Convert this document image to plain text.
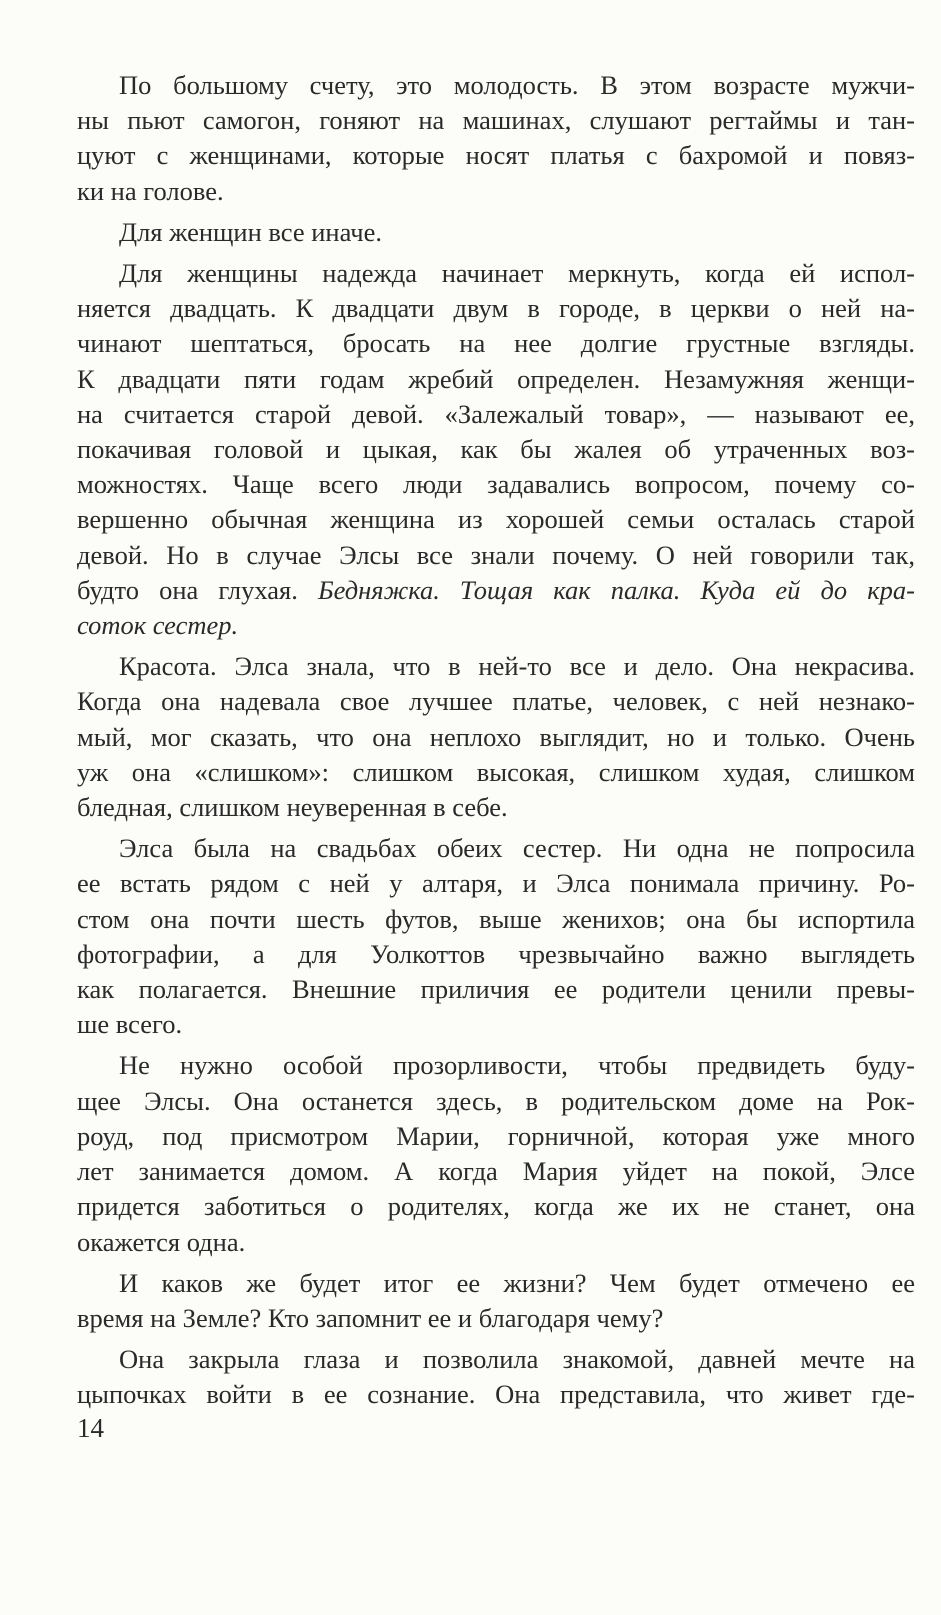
По большому счету, это молодость. В этом возрасте мужчи-
ны пьют самогон, гоняют на машинах, слушают регтаймы и тан-
цуют с женщинами, которые носят платья с бахромой и повяз-
ки на голове.

Для женщин все иначе.

Для женщины надежда начинает меркнуть, когда ей испол-
няется двадцать. К двадцати двум в городе, в церкви о ней на-
чинают шептаться, бросать на нее долгие грустные взгляды.
К двадцати пяти годам жребий определен. Незамужняя женщи-
на считается старой девой. «Залежалый товар», — называют ее,
покачивая головой и цыкая, как бы жалея об утраченных воз-
можностях. Чаще всего люди задавались вопросом, почему со-
вершенно обычная женщина из хорошей семьи осталась старой
девой. Но в случае Элсы все знали почему. О ней говорили так,
будто она глухая. Бедняжка. Тощая как палка. Куда ей до кра-
соток сестер.

Красота. Элса знала, что в ней-то все и дело. Она некрасива.
Когда она надевала свое лучшее платье, человек, с ней незнако-
мый, мог сказать, что она неплохо выглядит, но и только. Очень
уж она «слишком»: слишком высокая, слишком худая, слишком
бледная, слишком неуверенная в себе.

Элса была на свадьбах обеих сестер. Ни одна не попросила
ее встать рядом с ней у алтаря, и Элса понимала причину. Ро-
стом она почти шесть футов, выше женихов; она бы испортила
фотографии, а для Уолкоттов чрезвычайно важно выглядеть
как полагается. Внешние приличия ее родители ценили превы-
ше всего.

Не нужно особой прозорливости, чтобы предвидеть буду-
щее Элсы. Она останется здесь, в родительском доме на Рок-
роуд, под присмотром Марии, горничной, которая уже много
лет занимается домом. А когда Мария уйдет на покой, Элсе
придется заботиться о родителях, когда же их не станет, она
окажется одна.

И каков же будет итог ее жизни? Чем будет отмечено ее
время на Земле? Кто запомнит ее и благодаря чему?

Она закрыла глаза и позволила знакомой, давней мечте на
цыпочках войти в ее сознание. Она представила, что живет где-

14
